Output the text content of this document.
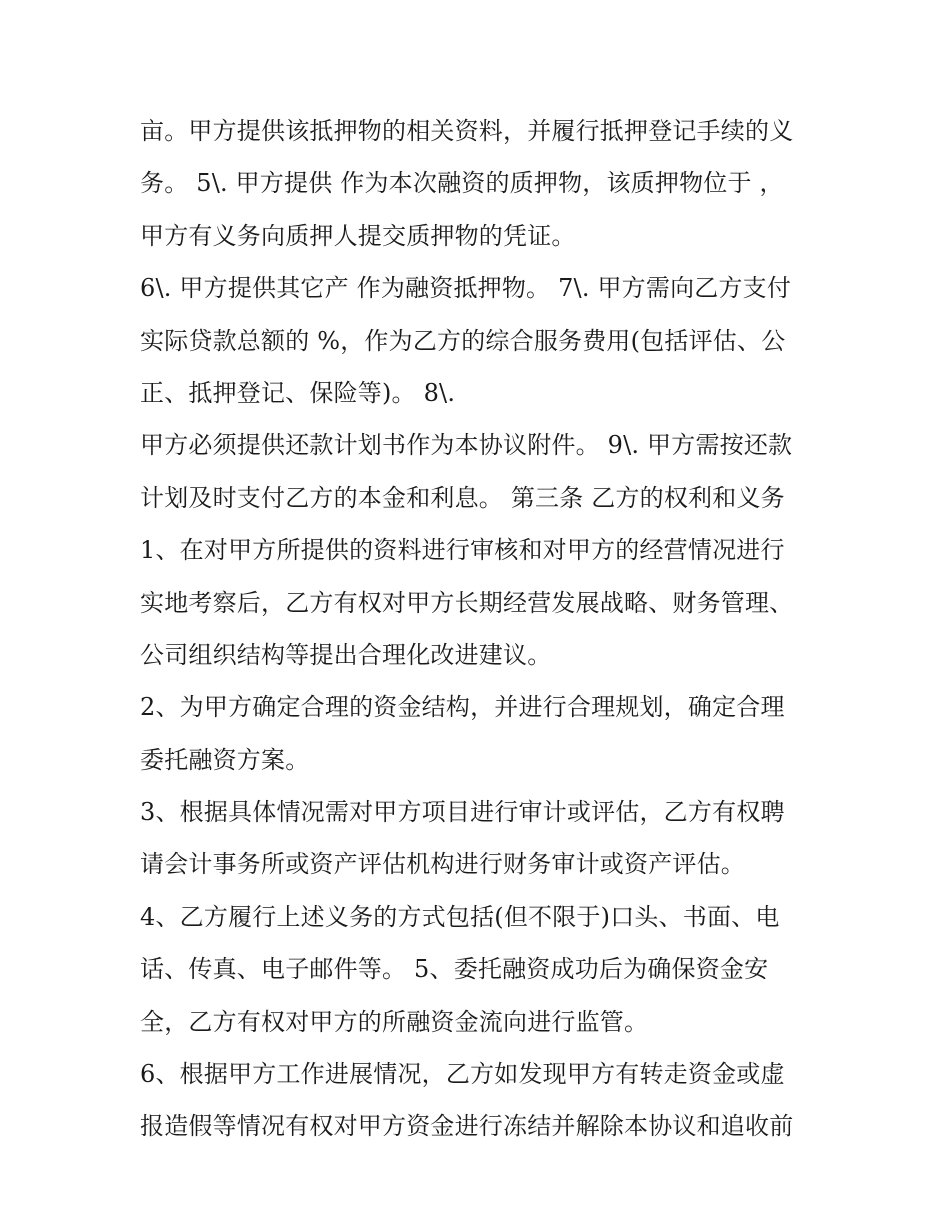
亩。甲方提供该抵押物的相关资料，并履行抵押登记手续的义
务。 5\. 甲方提供 作为本次融资的质押物，该质押物位于 ，
甲方有义务向质押人提交质押物的凭证。
6\. 甲方提供其它产 作为融资抵押物。 7\. 甲方需向乙方支付
实际贷款总额的 %，作为乙方的综合服务费用(包括评估、公
正、抵押登记、保险等)。 8\.
甲方必须提供还款计划书作为本协议附件。 9\. 甲方需按还款
计划及时支付乙方的本金和利息。 第三条 乙方的权利和义务
1、在对甲方所提供的资料进行审核和对甲方的经营情况进行
实地考察后，乙方有权对甲方长期经营发展战略、财务管理、
公司组织结构等提出合理化改进建议。
2、为甲方确定合理的资金结构，并进行合理规划，确定合理
委托融资方案。
3、根据具体情况需对甲方项目进行审计或评估，乙方有权聘
请会计事务所或资产评估机构进行财务审计或资产评估。
4、乙方履行上述义务的方式包括(但不限于)口头、书面、电
话、传真、电子邮件等。 5、委托融资成功后为确保资金安
全，乙方有权对甲方的所融资金流向进行监管。
6、根据甲方工作进展情况，乙方如发现甲方有转走资金或虚
报造假等情况有权对甲方资金进行冻结并解除本协议和追收前
